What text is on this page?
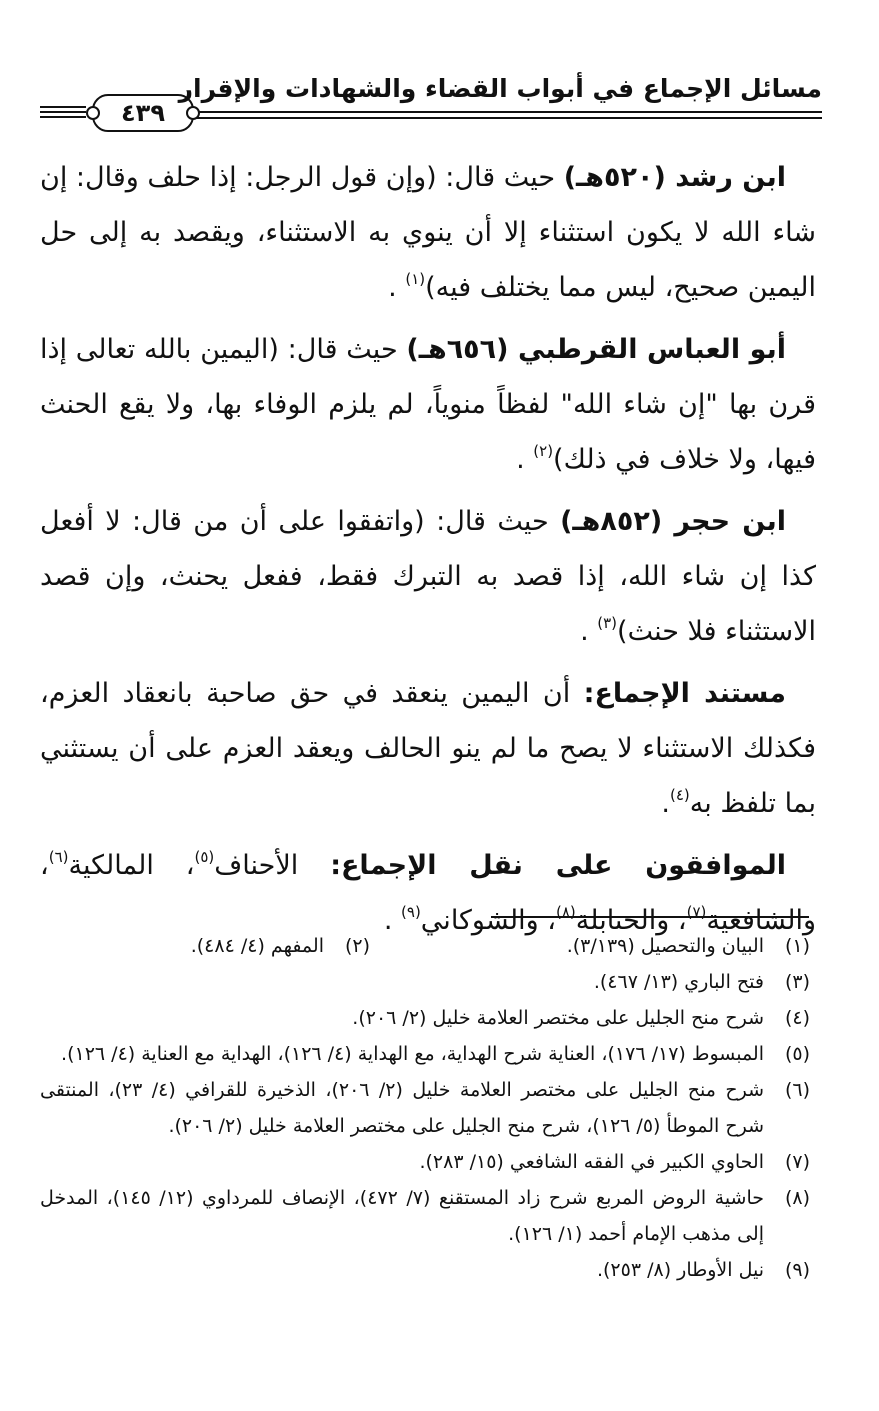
مسائل الإجماع في أبواب القضاء والشهادات والإقرار
٤٣٩

ابن رشد (٥٢٠هـ) حيث قال: (وإن قول الرجل: إذا حلف وقال: إن شاء الله لا يكون استثناء إلا أن ينوي به الاستثناء، ويقصد به إلى حل اليمين صحيح، ليس مما يختلف فيه)$^{(١)}$ .

أبو العباس القرطبي (٦٥٦هـ) حيث قال: (اليمين بالله تعالى إذا قرن بها "إن شاء الله" لفظاً منوياً، لم يلزم الوفاء بها، ولا يقع الحنث فيها، ولا خلاف في ذلك)$^{(٢)}$ .

ابن حجر (٨٥٢هـ) حيث قال: (واتفقوا على أن من قال: لا أفعل كذا إن شاء الله، إذا قصد به التبرك فقط، ففعل يحنث، وإن قصد الاستثناء فلا حنث)$^{(٣)}$ .

مستند الإجماع: أن اليمين ينعقد في حق صاحبة بانعقاد العزم، فكذلك الاستثناء لا يصح ما لم ينو الحالف ويعقد العزم على أن يستثني بما تلفظ به$^{(٤)}$.

الموافقون على نقل الإجماع: الأحناف$^{(٥)}$، المالكية$^{(٦)}$، والشافعية$^{(٧)}$، والحنابلة$^{(٨)}$، والشوكاني$^{(٩)}$ .

(١)
البيان والتحصيل (٣/١٣٩).
(٢)
المفهم (٤/ ٤٨٤).
(٣)
فتح الباري (١٣/ ٤٦٧).
(٤)
شرح منح الجليل على مختصر العلامة خليل (٢/ ٢٠٦).
(٥)
المبسوط (١٧/ ١٧٦)، العناية شرح الهداية، مع الهداية (٤/ ١٢٦)، الهداية مع العناية (٤/ ١٢٦).
(٦)
شرح منح الجليل على مختصر العلامة خليل (٢/ ٢٠٦)، الذخيرة للقرافي (٤/ ٢٣)، المنتقى شرح الموطأ (٥/ ١٢٦)، شرح منح الجليل على مختصر العلامة خليل (٢/ ٢٠٦).
(٧)
الحاوي الكبير في الفقه الشافعي (١٥/ ٢٨٣).
(٨)
حاشية الروض المربع شرح زاد المستقنع (٧/ ٤٧٢)، الإنصاف للمرداوي (١٢/ ١٤٥)، المدخل إلى مذهب الإمام أحمد (١/ ١٢٦).
(٩)
نيل الأوطار (٨/ ٢٥٣).
